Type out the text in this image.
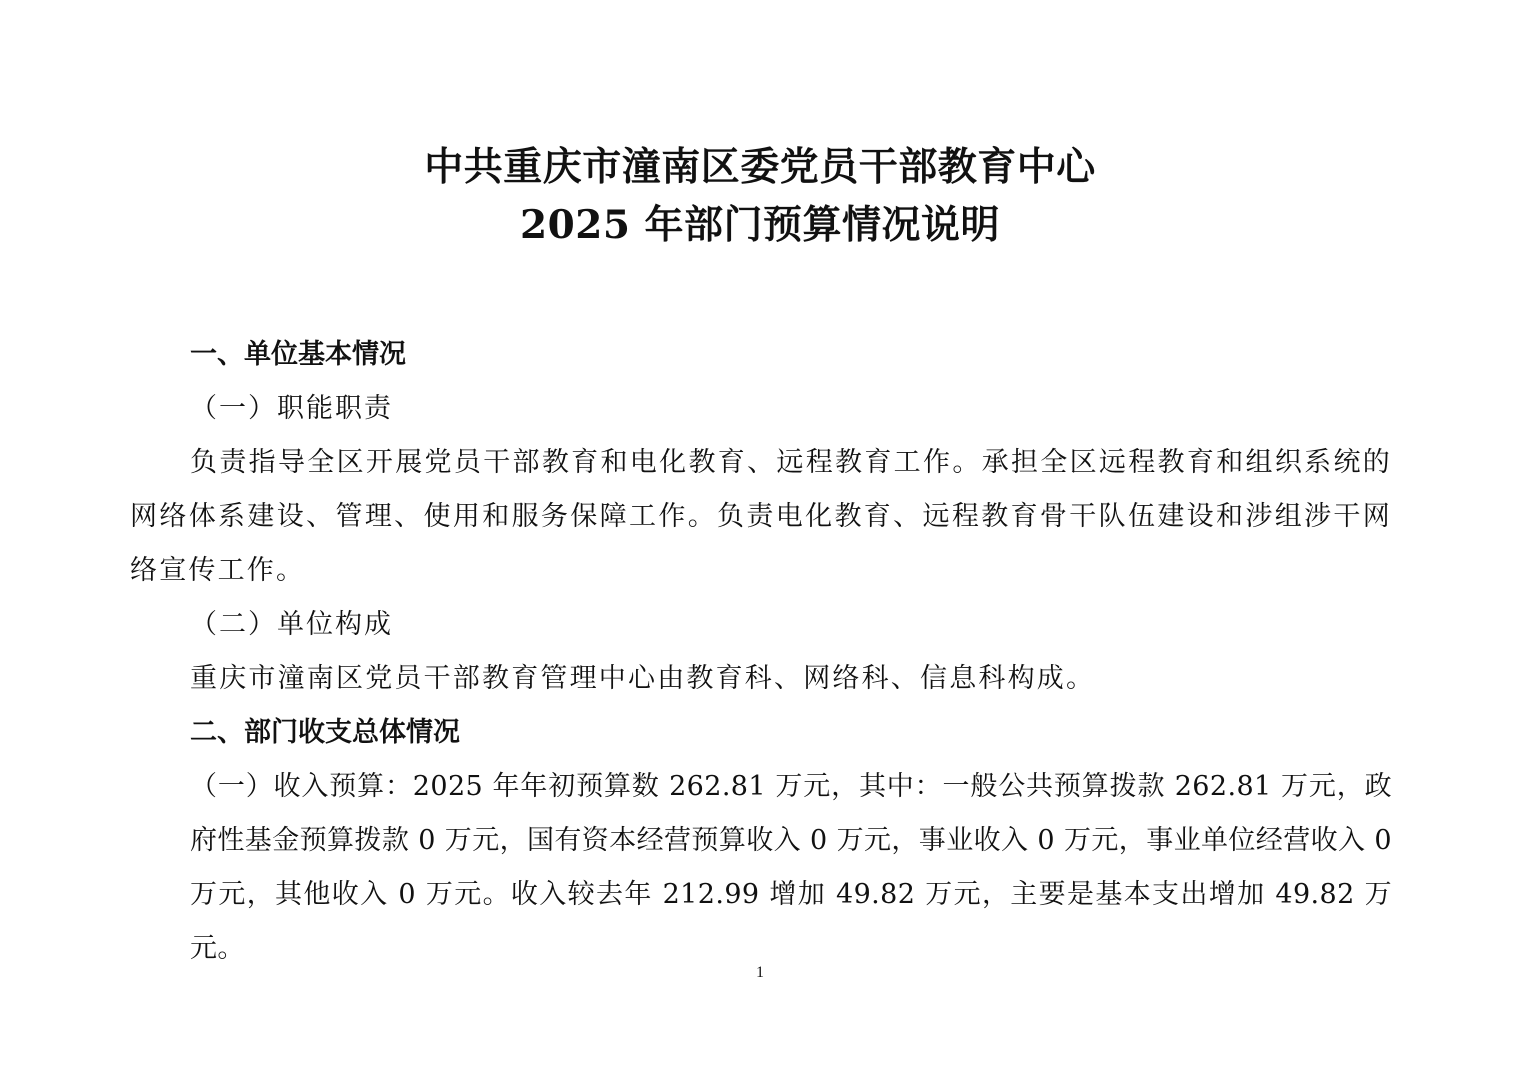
中共重庆市潼南区委党员干部教育中心
2025 年部门预算情况说明
一、单位基本情况
（一）职能职责
负责指导全区开展党员干部教育和电化教育、远程教育工作。承担全区远程教育和组织系统的网络体系建设、管理、使用和服务保障工作。负责电化教育、远程教育骨干队伍建设和涉组涉干网络宣传工作。
（二）单位构成
重庆市潼南区党员干部教育管理中心由教育科、网络科、信息科构成。
二、部门收支总体情况
（一）收入预算：2025 年年初预算数 262.81 万元，其中：一般公共预算拨款 262.81 万元，政府性基金预算拨款 0 万元，国有资本经营预算收入 0 万元，事业收入 0 万元，事业单位经营收入 0 万元，其他收入 0 万元。收入较去年 212.99 增加 49.82 万元，主要是基本支出增加 49.82 万元。
1
